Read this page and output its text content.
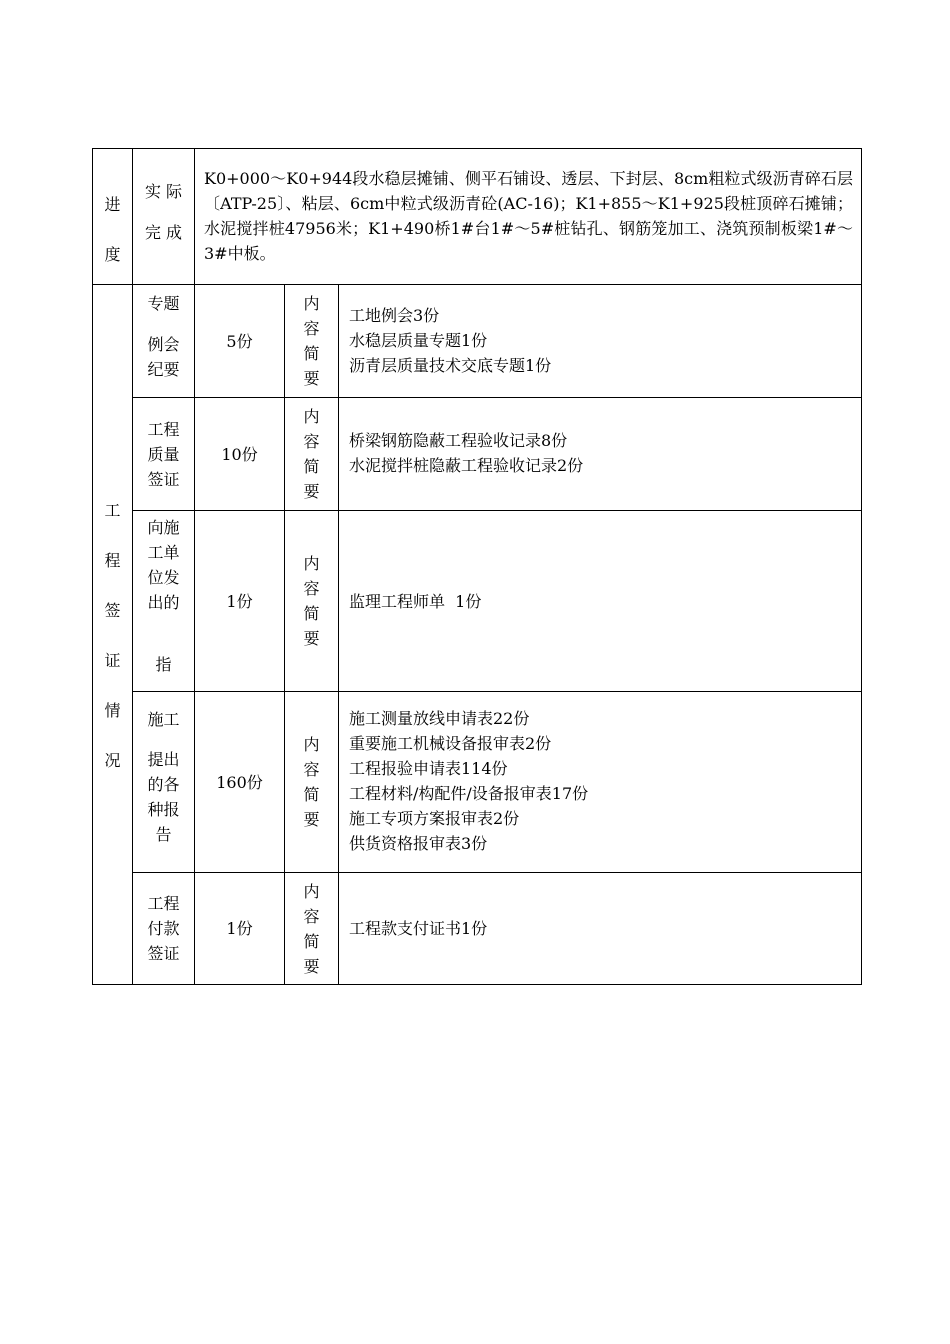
进
度
实 际
完 成
K0+000～K0+944段水稳层摊铺、侧平石铺设、透层、下封层、8cm粗粒式级沥青碎石层〔ATP-25〕、粘层、6cm中粒式级沥青砼(AC-16)；K1+855～K1+925段桩顶碎石摊铺；水泥搅拌桩47956米；K1+490桥1#台1#～5#桩钻孔、钢筋笼加工、浇筑预制板梁1#～3#中板。
工
程
签
证
情
况
专题
例会
纪要
5份
内
容
简
要
工地例会3份
水稳层质量专题1份
沥青层质量技术交底专题1份
工程
质量
签证
10份
内
容
简
要
桥梁钢筋隐蔽工程验收记录8份
水泥搅拌桩隐蔽工程验收记录2份
向施
工单
位发
出的
指
1份
内
容
简
要
监理工程师单  1份
施工
提出
的各
种报
告
160份
内
容
简
要
施工测量放线申请表22份
重要施工机械设备报审表2份
工程报验申请表114份
工程材料/构配件/设备报审表17份
施工专项方案报审表2份
供货资格报审表3份
工程
付款
签证
1份
内
容
简
要
工程款支付证书1份
